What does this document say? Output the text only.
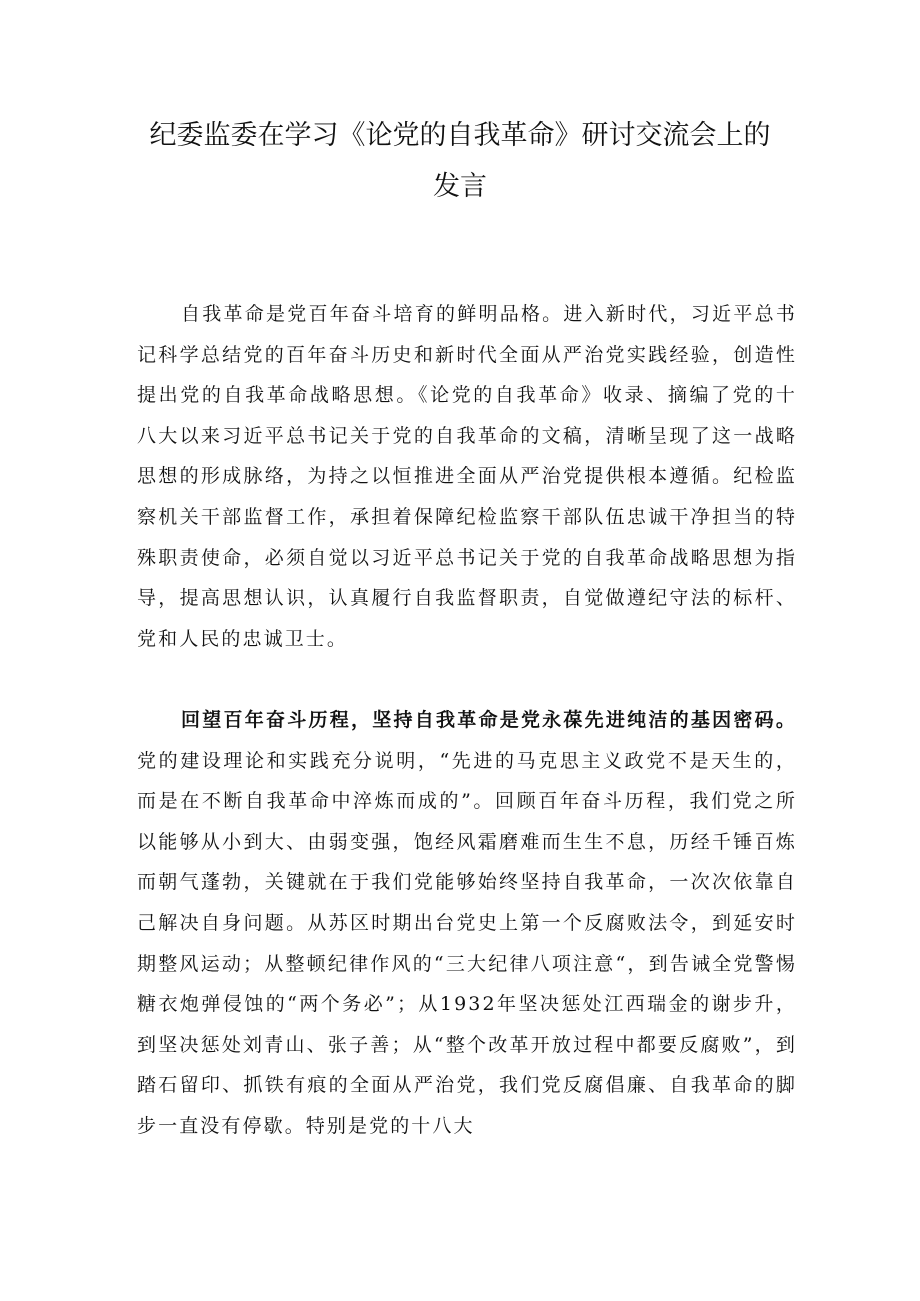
纪委监委在学习《论党的自我革命》研讨交流会上的
发言

自我革命是党百年奋斗培育的鲜明品格。进入新时代，习近平总书记科学总结党的百年奋斗历史和新时代全面从严治党实践经验，创造性提出党的自我革命战略思想。《论党的自我革命》收录、摘编了党的十八大以来习近平总书记关于党的自我革命的文稿，清晰呈现了这一战略思想的形成脉络，为持之以恒推进全面从严治党提供根本遵循。纪检监察机关干部监督工作，承担着保障纪检监察干部队伍忠诚干净担当的特殊职责使命，必须自觉以习近平总书记关于党的自我革命战略思想为指导，提高思想认识，认真履行自我监督职责，自觉做遵纪守法的标杆、党和人民的忠诚卫士。

回望百年奋斗历程，坚持自我革命是党永葆先进纯洁的基因密码。党的建设理论和实践充分说明，“先进的马克思主义政党不是天生的，而是在不断自我革命中淬炼而成的”。回顾百年奋斗历程，我们党之所以能够从小到大、由弱变强，饱经风霜磨难而生生不息，历经千锤百炼而朝气蓬勃，关键就在于我们党能够始终坚持自我革命，一次次依靠自己解决自身问题。从苏区时期出台党史上第一个反腐败法令，到延安时期整风运动；从整顿纪律作风的“三大纪律八项注意“，到告诫全党警惕糖衣炮弹侵蚀的“两个务必”；从1932年坚决惩处江西瑞金的谢步升，到坚决惩处刘青山、张子善；从“整个改革开放过程中都要反腐败”，到踏石留印、抓铁有痕的全面从严治党，我们党反腐倡廉、自我革命的脚步一直没有停歇。特别是党的十八大
